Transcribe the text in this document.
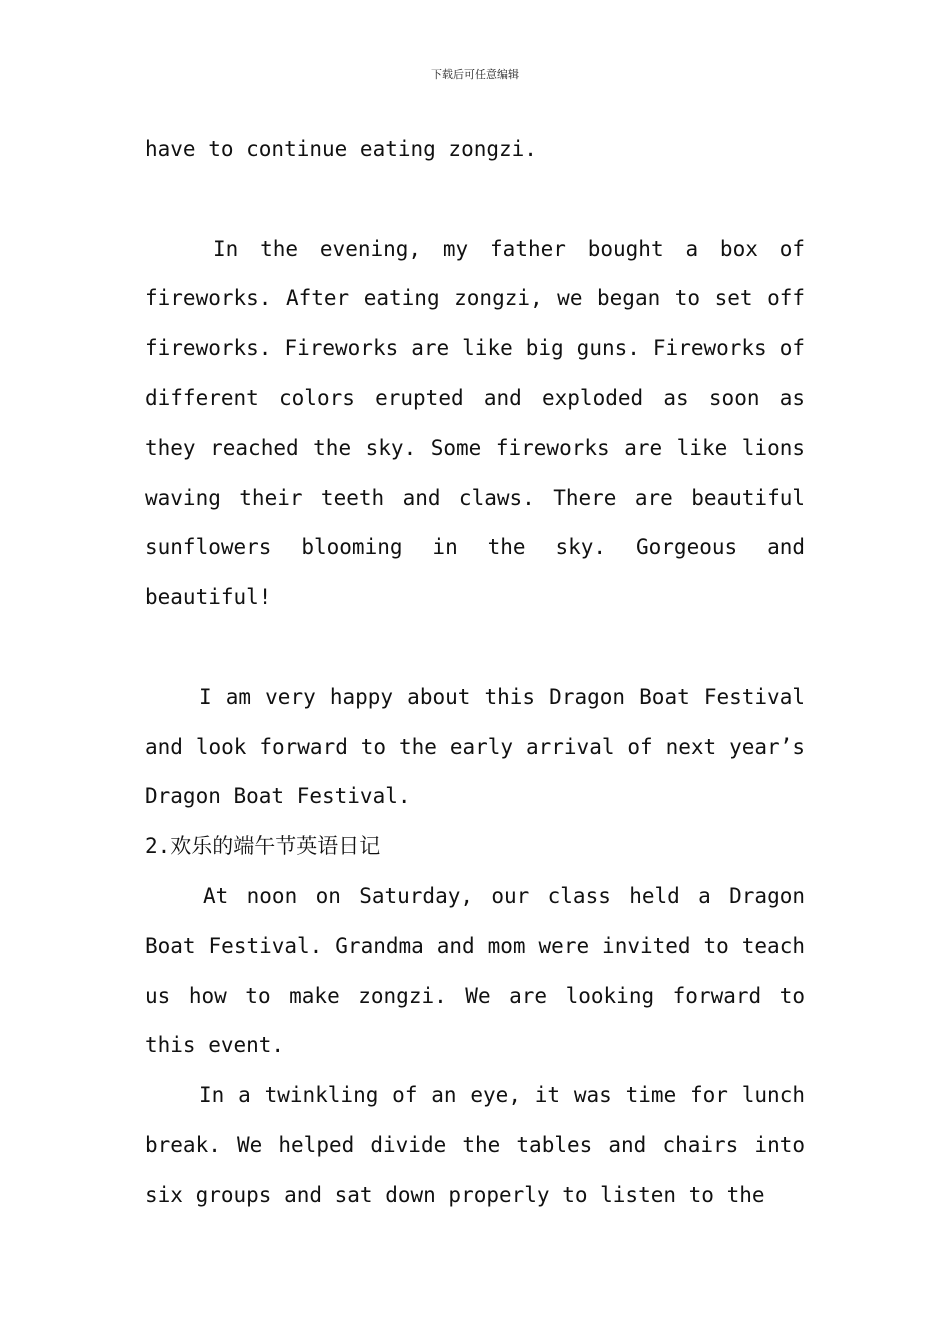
下载后可任意编辑

have to continue eating zongzi.

In the evening, my father bought a box of fireworks. After eating zongzi, we began to set off fireworks. Fireworks are like big guns. Fireworks of different colors erupted and exploded as soon as they reached the sky. Some fireworks are like lions waving their teeth and claws. There are beautiful sunflowers blooming in the sky. Gorgeous and beautiful!

I am very happy about this Dragon Boat Festival and look forward to the early arrival of next year’s Dragon Boat Festival.

2.欢乐的端午节英语日记

At noon on Saturday, our class held a Dragon Boat Festival. Grandma and mom were invited to teach us how to make zongzi. We are looking forward to this event.

In a twinkling of an eye, it was time for lunch break. We helped divide the tables and chairs into six groups and sat down properly to listen to the
